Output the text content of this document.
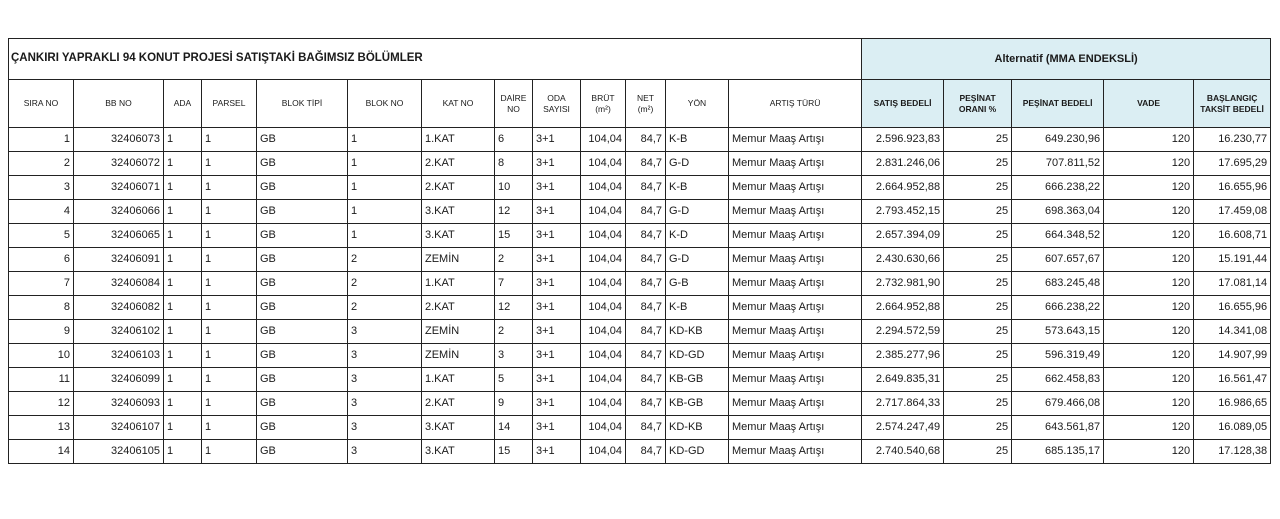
ÇANKIRI YAPRAKLI 94 KONUT PROJESİ SATIŞTAKİ BAĞIMSIZ BÖLÜMLER													Alternatif (MMA ENDEKSLİ)				
SIRA NO	BB NO	ADA	PARSEL	BLOK TİPİ	BLOK NO	KAT NO	DAİRE NO	ODA SAYISI	BRÜT (m²)	NET (m²)	YÖN	ARTIŞ TÜRÜ	SATIŞ BEDELİ	PEŞİNAT ORANI %	PEŞİNAT BEDELİ	VADE	BAŞLANGIÇ TAKSİT BEDELİ
1	32406073	1	1	GB	1	1.KAT	6	3+1	104,04	84,7	K-B	Memur Maaş Artışı	2.596.923,83	25	649.230,96	120	16.230,77
2	32406072	1	1	GB	1	2.KAT	8	3+1	104,04	84,7	G-D	Memur Maaş Artışı	2.831.246,06	25	707.811,52	120	17.695,29
3	32406071	1	1	GB	1	2.KAT	10	3+1	104,04	84,7	K-B	Memur Maaş Artışı	2.664.952,88	25	666.238,22	120	16.655,96
4	32406066	1	1	GB	1	3.KAT	12	3+1	104,04	84,7	G-D	Memur Maaş Artışı	2.793.452,15	25	698.363,04	120	17.459,08
5	32406065	1	1	GB	1	3.KAT	15	3+1	104,04	84,7	K-D	Memur Maaş Artışı	2.657.394,09	25	664.348,52	120	16.608,71
6	32406091	1	1	GB	2	ZEMİN	2	3+1	104,04	84,7	G-D	Memur Maaş Artışı	2.430.630,66	25	607.657,67	120	15.191,44
7	32406084	1	1	GB	2	1.KAT	7	3+1	104,04	84,7	G-B	Memur Maaş Artışı	2.732.981,90	25	683.245,48	120	17.081,14
8	32406082	1	1	GB	2	2.KAT	12	3+1	104,04	84,7	K-B	Memur Maaş Artışı	2.664.952,88	25	666.238,22	120	16.655,96
9	32406102	1	1	GB	3	ZEMİN	2	3+1	104,04	84,7	KD-KB	Memur Maaş Artışı	2.294.572,59	25	573.643,15	120	14.341,08
10	32406103	1	1	GB	3	ZEMİN	3	3+1	104,04	84,7	KD-GD	Memur Maaş Artışı	2.385.277,96	25	596.319,49	120	14.907,99
11	32406099	1	1	GB	3	1.KAT	5	3+1	104,04	84,7	KB-GB	Memur Maaş Artışı	2.649.835,31	25	662.458,83	120	16.561,47
12	32406093	1	1	GB	3	2.KAT	9	3+1	104,04	84,7	KB-GB	Memur Maaş Artışı	2.717.864,33	25	679.466,08	120	16.986,65
13	32406107	1	1	GB	3	3.KAT	14	3+1	104,04	84,7	KD-KB	Memur Maaş Artışı	2.574.247,49	25	643.561,87	120	16.089,05
14	32406105	1	1	GB	3	3.KAT	15	3+1	104,04	84,7	KD-GD	Memur Maaş Artışı	2.740.540,68	25	685.135,17	120	17.128,38
